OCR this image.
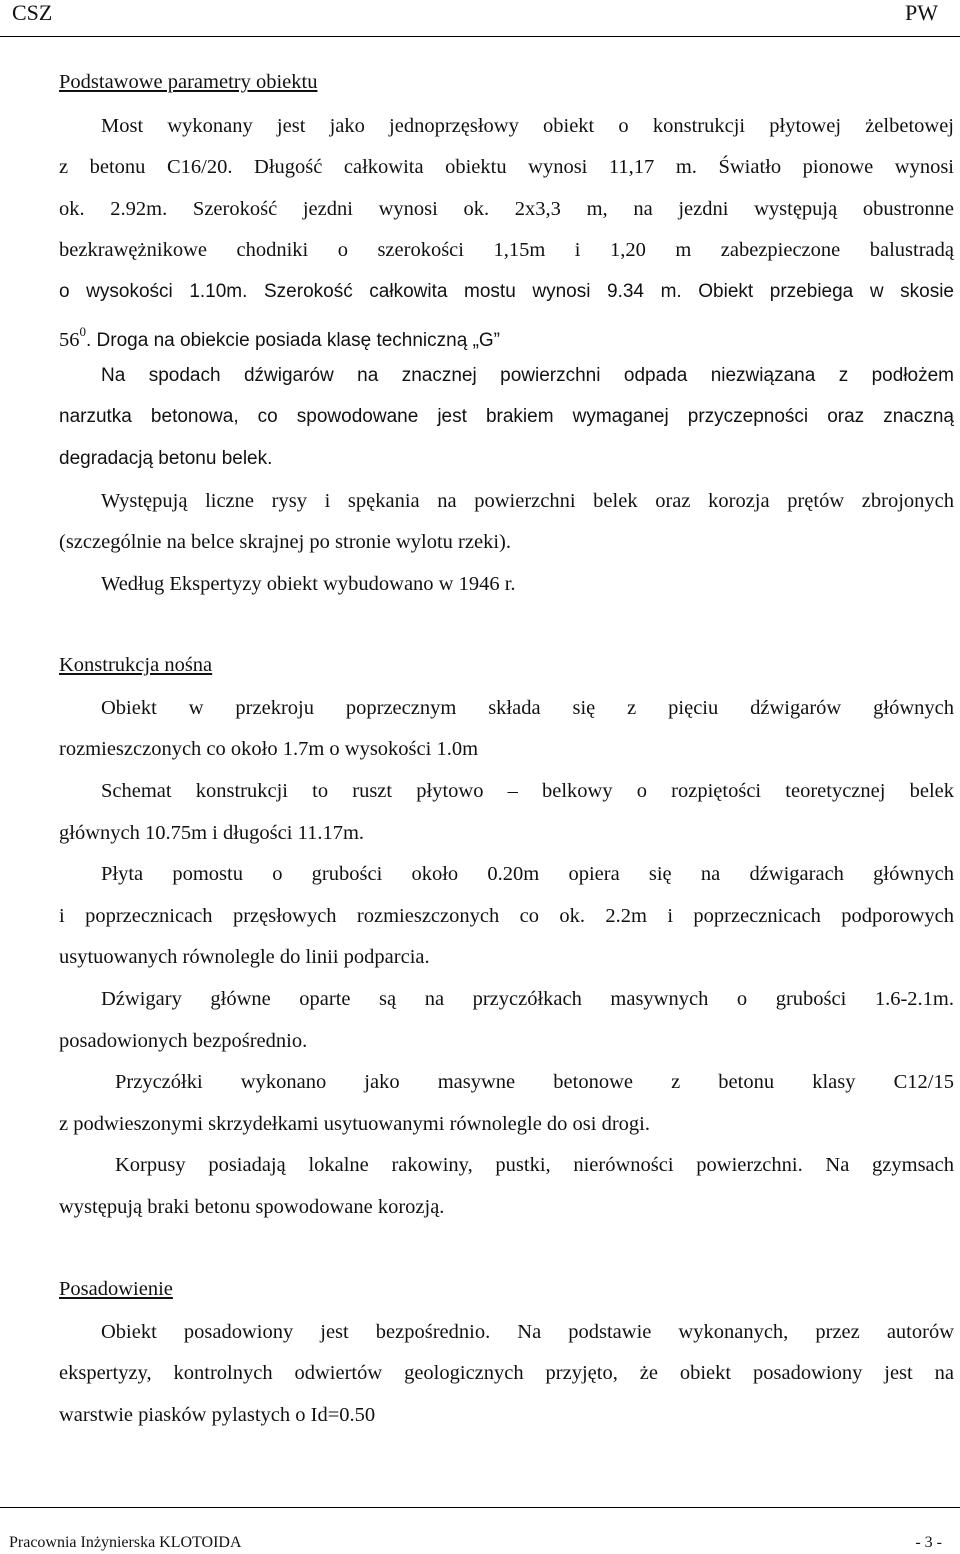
CSZ	PW
Podstawowe parametry obiektu
Most wykonany jest jako jednoprzęsłowy obiekt o konstrukcji płytowej żelbetowej
z betonu C16/20. Długość całkowita obiektu wynosi 11,17 m. Światło pionowe wynosi
ok. 2.92m. Szerokość jezdni wynosi ok. 2x3,3 m, na jezdni występują obustronne
bezkrawężnikowe chodniki o szerokości 1,15m i 1,20 m zabezpieczone balustradą
o wysokości 1.10m. Szerokość całkowita mostu wynosi 9.34 m. Obiekt przebiega w skosie
$56^0$. Droga na obiekcie posiada klasę techniczną „G”
Na spodach dźwigarów na znacznej powierzchni odpada niezwiązana z podłożem
narzutka betonowa, co spowodowane jest brakiem wymaganej przyczepności oraz znaczną
degradacją betonu belek.
Występują liczne rysy i spękania na powierzchni belek oraz korozja prętów zbrojonych
(szczególnie na belce skrajnej po stronie wylotu rzeki).
Według Ekspertyzy obiekt wybudowano w 1946 r.
Konstrukcja nośna
Obiekt w przekroju poprzecznym składa się z pięciu dźwigarów głównych
rozmieszczonych co około 1.7m o wysokości 1.0m
Schemat konstrukcji to ruszt płytowo – belkowy o rozpiętości teoretycznej belek
głównych 10.75m i długości 11.17m.
Płyta pomostu o grubości około 0.20m opiera się na dźwigarach głównych
i poprzecznicach przęsłowych rozmieszczonych co ok. 2.2m i poprzecznicach podporowych
usytuowanych równolegle do linii podparcia.
Dźwigary główne oparte są na przyczółkach masywnych o grubości 1.6-2.1m.
posadowionych bezpośrednio.
Przyczółki wykonano jako masywne betonowe z betonu klasy C12/15
z podwieszonymi skrzydełkami usytuowanymi równolegle do osi drogi.
Korpusy posiadają lokalne rakowiny, pustki, nierówności powierzchni. Na gzymsach
występują braki betonu spowodowane korozją.
Posadowienie
Obiekt posadowiony jest bezpośrednio. Na podstawie wykonanych, przez autorów
ekspertyzy, kontrolnych odwiertów geologicznych przyjęto, że obiekt posadowiony jest na
warstwie piasków pylastych o Id=0.50
Pracownia Inżynierska KLOTOIDA	- 3 -
